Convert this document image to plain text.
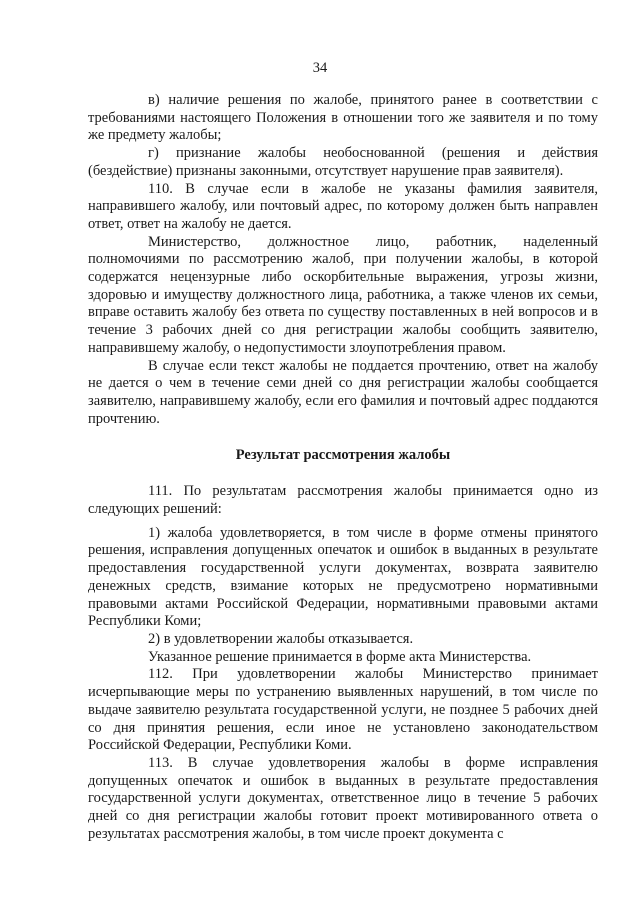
34

в) наличие решения по жалобе, принятого ранее в соответствии с требованиями настоящего Положения в отношении того же заявителя и по тому же предмету жалобы;

г) признание жалобы необоснованной (решения и действия (бездействие) признаны законными, отсутствует нарушение прав заявителя).

110. В случае если в жалобе не указаны фамилия заявителя, направившего жалобу, или почтовый адрес, по которому должен быть направлен ответ, ответ на жалобу не дается.

Министерство, должностное лицо, работник, наделенный полномочиями по рассмотрению жалоб, при получении жалобы, в которой содержатся нецензурные либо оскорбительные выражения, угрозы жизни, здоровью и имуществу должностного лица, работника, а также членов их семьи, вправе оставить жалобу без ответа по существу поставленных в ней вопросов и в течение 3 рабочих дней со дня регистрации жалобы сообщить заявителю, направившему жалобу, о недопустимости злоупотребления правом.

В случае если текст жалобы не поддается прочтению, ответ на жалобу не дается о чем в течение семи дней со дня регистрации жалобы сообщается заявителю, направившему жалобу, если его фамилия и почтовый адрес поддаются прочтению.

Результат рассмотрения жалобы

111. По результатам рассмотрения жалобы принимается одно из следующих решений:

1) жалоба удовлетворяется, в том числе в форме отмены принятого решения, исправления допущенных опечаток и ошибок в выданных в результате предоставления государственной услуги документах, возврата заявителю денежных средств, взимание которых не предусмотрено нормативными правовыми актами Российской Федерации, нормативными правовыми актами Республики Коми;

2) в удовлетворении жалобы отказывается.

Указанное решение принимается в форме акта Министерства.

112. При удовлетворении жалобы Министерство принимает исчерпывающие меры по устранению выявленных нарушений, в том числе по выдаче заявителю результата государственной услуги, не позднее 5 рабочих дней со дня принятия решения, если иное не установлено законодательством Российской Федерации, Республики Коми.

113. В случае удовлетворения жалобы в форме исправления допущенных опечаток и ошибок в выданных в результате предоставления государственной услуги документах, ответственное лицо в течение 5 рабочих дней со дня регистрации жалобы готовит проект мотивированного ответа о результатах рассмотрения жалобы, в том числе проект документа с
